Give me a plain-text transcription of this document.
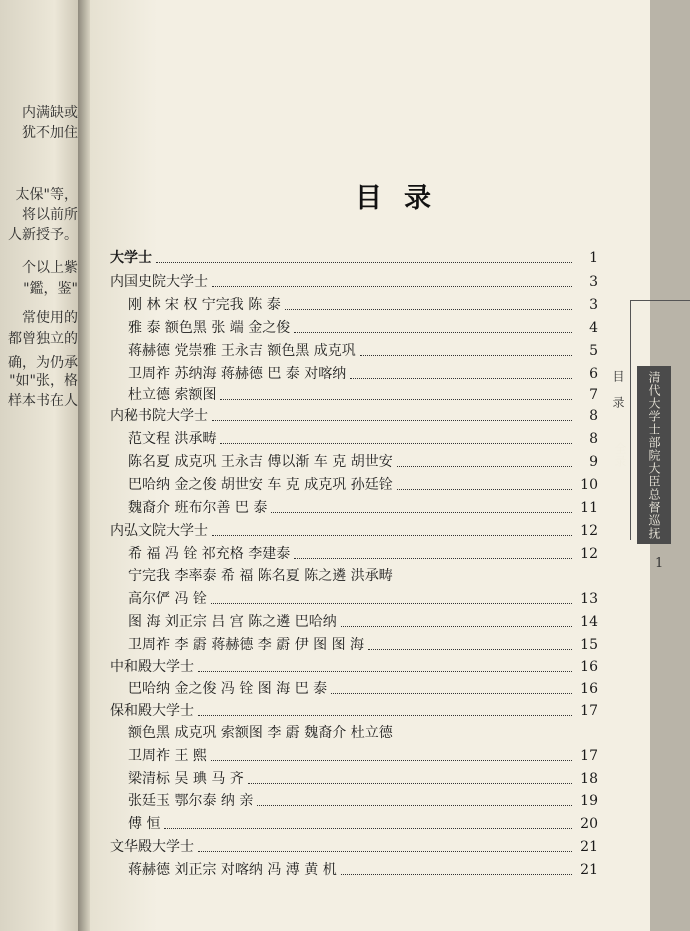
内满缺或
犹不加住
太保"等，
将以前所
人新授予。
个以上紫
"鑑，鉴"
常使用的
都曾独立的
确，为仍承
"如"张，格
样本书在人
目录
大学士	1
内国史院大学士	3
刚 林 宋 权 宁完我 陈 泰	3
雅 泰 额色黑 张 端 金之俊	4
蒋赫德 党崇雅 王永吉 额色黑 成克巩	5
卫周祚 苏纳海 蒋赫德 巴 泰 对喀纳	6
杜立德 索额图	7
内秘书院大学士	8
范文程 洪承畴	8
陈名夏 成克巩 王永吉 傅以渐 车 克 胡世安	9
巴哈纳 金之俊 胡世安 车 克 成克巩 孙廷铨	10
魏裔介 班布尔善 巴 泰	11
内弘文院大学士	12
希 福 冯 铨 祁充格 李建泰	12
宁完我 李率泰 希 福 陈名夏 陈之遴 洪承畴
高尔俨 冯 铨	13
图 海 刘正宗 吕 宫 陈之遴 巴哈纳	14
卫周祚 李 霨 蒋赫德 李 霨 伊 图 图 海	15
中和殿大学士	16
巴哈纳 金之俊 冯 铨 图 海 巴 泰	16
保和殿大学士	17
额色黑 成克巩 索额图 李 霨 魏裔介 杜立德
卫周祚 王 熙	17
梁清标 吴 琠 马 齐	18
张廷玉 鄂尔泰 纳 亲	19
傅 恒	20
文华殿大学士	21
蒋赫德 刘正宗 对喀纳 冯 溥 黄 机	21
目录	清代大学士部院大臣总督巡抚全录
1
